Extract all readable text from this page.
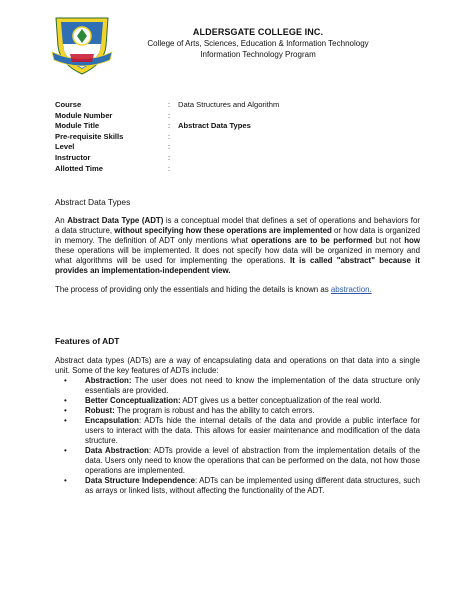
ALDERSGATE COLLEGE INC.
College of Arts, Sciences, Education & Information Technology
Information Technology Program
Course	:	Data Structures and Algorithm
Module Number	:
Module Title	:	Abstract Data Types
Pre-requisite Skills	:
Level	:
Instructor	:
Allotted Time	:
Abstract Data Types
An Abstract Data Type (ADT) is a conceptual model that defines a set of operations and behaviors for a data structure, without specifying how these operations are implemented or how data is organized in memory. The definition of ADT only mentions what operations are to be performed but not how these operations will be implemented. It does not specify how data will be organized in memory and what algorithms will be used for implementing the operations. It is called "abstract" because it provides an implementation-independent view.
The process of providing only the essentials and hiding the details is known as abstraction.
Features of ADT
Abstract data types (ADTs) are a way of encapsulating data and operations on that data into a single unit. Some of the key features of ADTs include:
• Abstraction: The user does not need to know the implementation of the data structure only essentials are provided.
• Better Conceptualization: ADT gives us a better conceptualization of the real world.
• Robust: The program is robust and has the ability to catch errors.
• Encapsulation: ADTs hide the internal details of the data and provide a public interface for users to interact with the data. This allows for easier maintenance and modification of the data structure.
• Data Abstraction: ADTs provide a level of abstraction from the implementation details of the data. Users only need to know the operations that can be performed on the data, not how those operations are implemented.
• Data Structure Independence: ADTs can be implemented using different data structures, such as arrays or linked lists, without affecting the functionality of the ADT.
